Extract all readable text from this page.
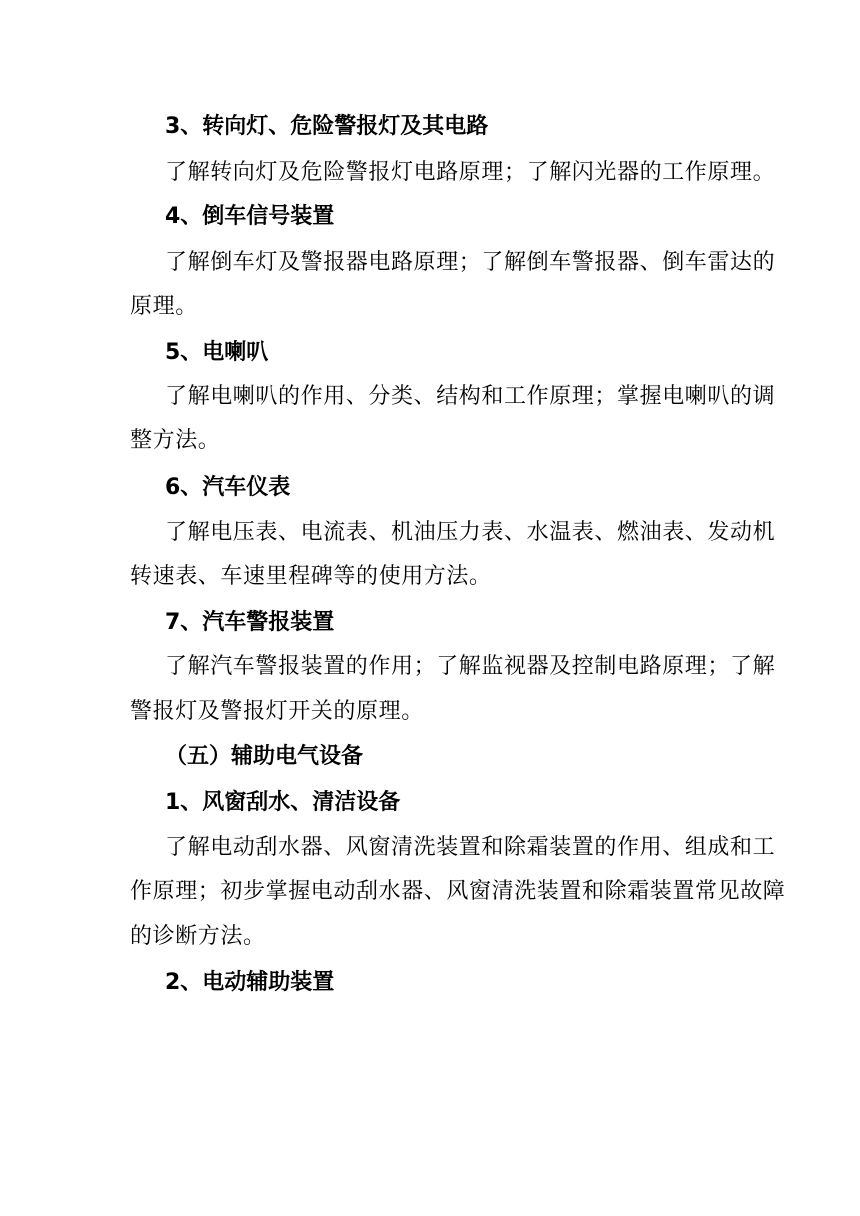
3、转向灯、危险警报灯及其电路
了解转向灯及危险警报灯电路原理；了解闪光器的工作原理。
4、倒车信号装置
了解倒车灯及警报器电路原理；了解倒车警报器、倒车雷达的
原理。
5、电喇叭
了解电喇叭的作用、分类、结构和工作原理；掌握电喇叭的调
整方法。
6、汽车仪表
了解电压表、电流表、机油压力表、水温表、燃油表、发动机
转速表、车速里程碑等的使用方法。
7、汽车警报装置
了解汽车警报装置的作用；了解监视器及控制电路原理；了解
警报灯及警报灯开关的原理。
（五）辅助电气设备
1、风窗刮水、清洁设备
了解电动刮水器、风窗清洗装置和除霜装置的作用、组成和工
作原理；初步掌握电动刮水器、风窗清洗装置和除霜装置常见故障
的诊断方法。
2、电动辅助装置
